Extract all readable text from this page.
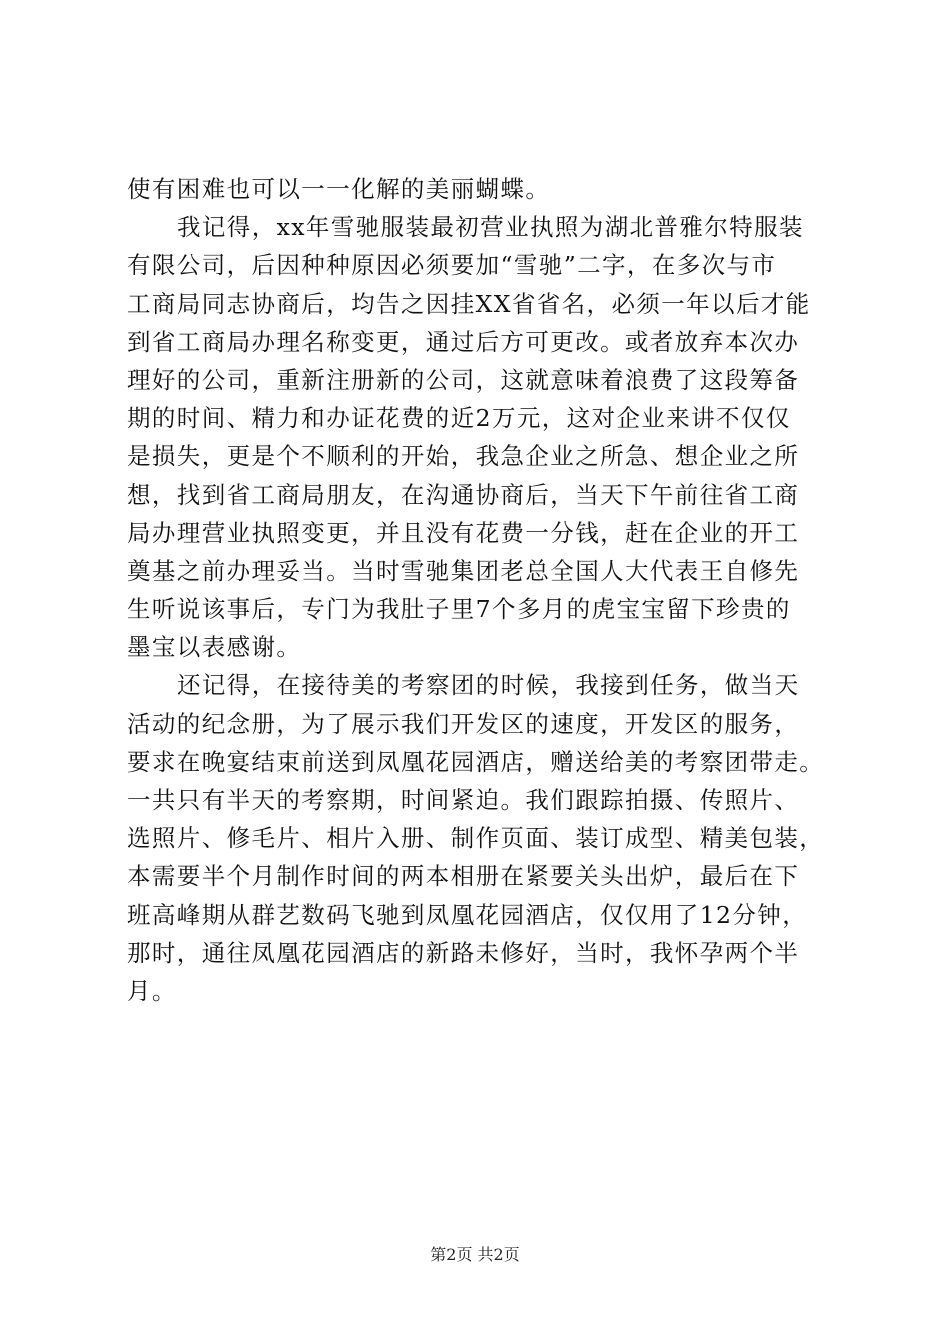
使有困难也可以一一化解的美丽蝴蝶。
我记得，xx年雪驰服装最初营业执照为湖北普雅尔特服装
有限公司，后因种种原因必须要加“雪驰”二字，在多次与市
工商局同志协商后，均告之因挂XX省省名，必须一年以后才能
到省工商局办理名称变更，通过后方可更改。或者放弃本次办
理好的公司，重新注册新的公司，这就意味着浪费了这段筹备
期的时间、精力和办证花费的近2万元，这对企业来讲不仅仅
是损失，更是个不顺利的开始，我急企业之所急、想企业之所
想，找到省工商局朋友，在沟通协商后，当天下午前往省工商
局办理营业执照变更，并且没有花费一分钱，赶在企业的开工
奠基之前办理妥当。当时雪驰集团老总全国人大代表王自修先
生听说该事后，专门为我肚子里7个多月的虎宝宝留下珍贵的
墨宝以表感谢。
还记得，在接待美的考察团的时候，我接到任务，做当天
活动的纪念册，为了展示我们开发区的速度，开发区的服务，
要求在晚宴结束前送到凤凰花园酒店，赠送给美的考察团带走。
一共只有半天的考察期，时间紧迫。我们跟踪拍摄、传照片、
选照片、修毛片、相片入册、制作页面、装订成型、精美包装，
本需要半个月制作时间的两本相册在紧要关头出炉，最后在下
班高峰期从群艺数码飞驰到凤凰花园酒店，仅仅用了12分钟，
那时，通往凤凰花园酒店的新路未修好，当时，我怀孕两个半
月。
第2页 共2页
